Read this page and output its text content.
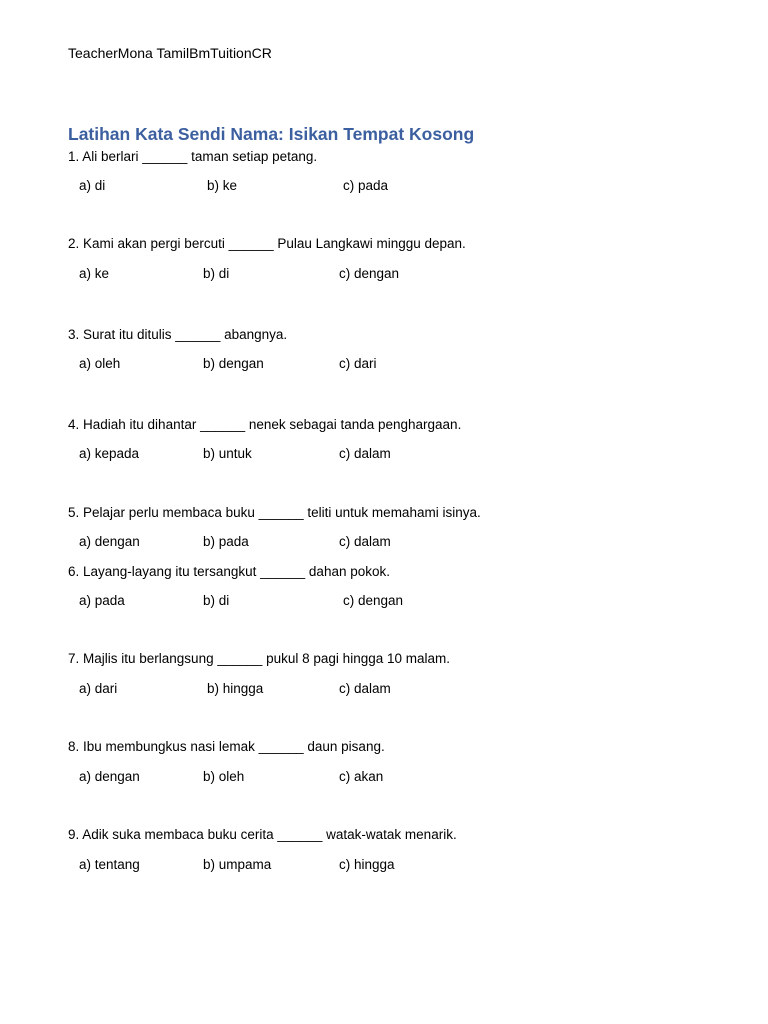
TeacherMona TamilBmTuitionCR
Latihan Kata Sendi Nama: Isikan Tempat Kosong
1. Ali berlari ______ taman setiap petang.
a) di	b) ke	c) pada
2. Kami akan pergi bercuti ______ Pulau Langkawi minggu depan.
a) ke	b) di	c) dengan
3. Surat itu ditulis ______ abangnya.
a) oleh	b) dengan	c) dari
4. Hadiah itu dihantar ______ nenek sebagai tanda penghargaan.
a) kepada	b) untuk	c) dalam
5. Pelajar perlu membaca buku ______ teliti untuk memahami isinya.
a) dengan	b) pada	c) dalam
6. Layang-layang itu tersangkut ______ dahan pokok.
a) pada	b) di	c) dengan
7. Majlis itu berlangsung ______ pukul 8 pagi hingga 10 malam.
a) dari	b) hingga	c) dalam
8. Ibu membungkus nasi lemak ______ daun pisang.
a) dengan	b) oleh	c) akan
9. Adik suka membaca buku cerita ______ watak-watak menarik.
a) tentang	b) umpama	c) hingga
